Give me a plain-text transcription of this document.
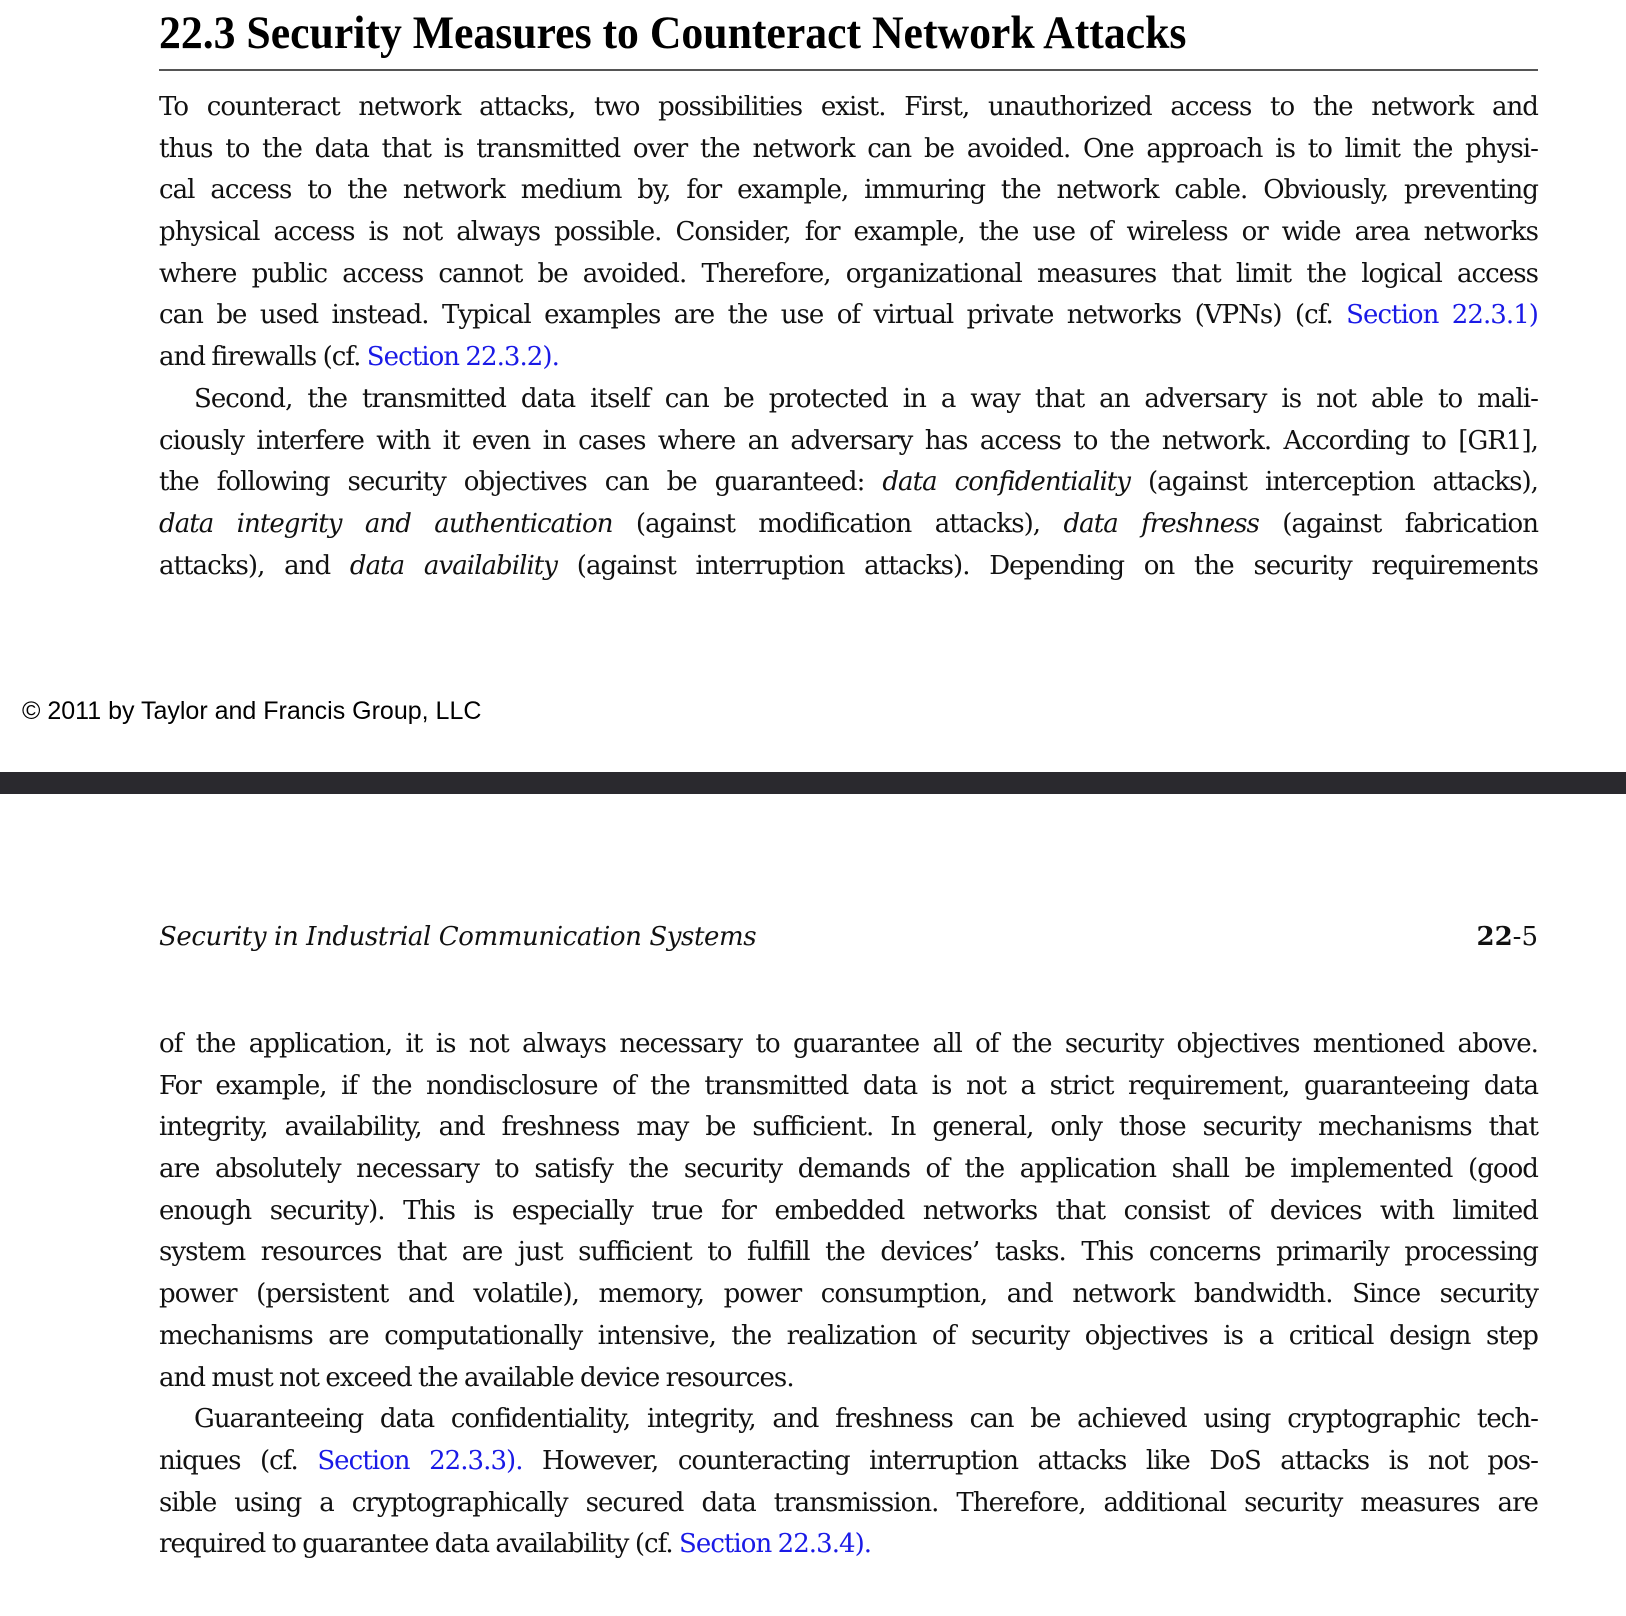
22.3 Security Measures to Counteract Network Attacks
To counteract network attacks, two possibilities exist. First, unauthorized access to the network and
thus to the data that is transmitted over the network can be avoided. One approach is to limit the physi-
cal access to the network medium by, for example, immuring the network cable. Obviously, preventing
physical access is not always possible. Consider, for example, the use of wireless or wide area networks
where public access cannot be avoided. Therefore, organizational measures that limit the logical access
can be used instead. Typical examples are the use of virtual private networks (VPNs) (cf. Section 22.3.1)
and firewalls (cf. Section 22.3.2).
Second, the transmitted data itself can be protected in a way that an adversary is not able to mali-
ciously interfere with it even in cases where an adversary has access to the network. According to [GR1],
the following security objectives can be guaranteed: data confidentiality (against interception attacks),
data integrity and authentication (against modification attacks), data freshness (against fabrication
attacks), and data availability (against interruption attacks). Depending on the security requirements
© 2011 by Taylor and Francis Group, LLC
Security in Industrial Communication Systems	22-5
of the application, it is not always necessary to guarantee all of the security objectives mentioned above.
For example, if the nondisclosure of the transmitted data is not a strict requirement, guaranteeing data
integrity, availability, and freshness may be sufficient. In general, only those security mechanisms that
are absolutely necessary to satisfy the security demands of the application shall be implemented (good
enough security). This is especially true for embedded networks that consist of devices with limited
system resources that are just sufficient to fulfill the devices’ tasks. This concerns primarily processing
power (persistent and volatile), memory, power consumption, and network bandwidth. Since security
mechanisms are computationally intensive, the realization of security objectives is a critical design step
and must not exceed the available device resources.
Guaranteeing data confidentiality, integrity, and freshness can be achieved using cryptographic tech-
niques (cf. Section 22.3.3). However, counteracting interruption attacks like DoS attacks is not pos-
sible using a cryptographically secured data transmission. Therefore, additional security measures are
required to guarantee data availability (cf. Section 22.3.4).
